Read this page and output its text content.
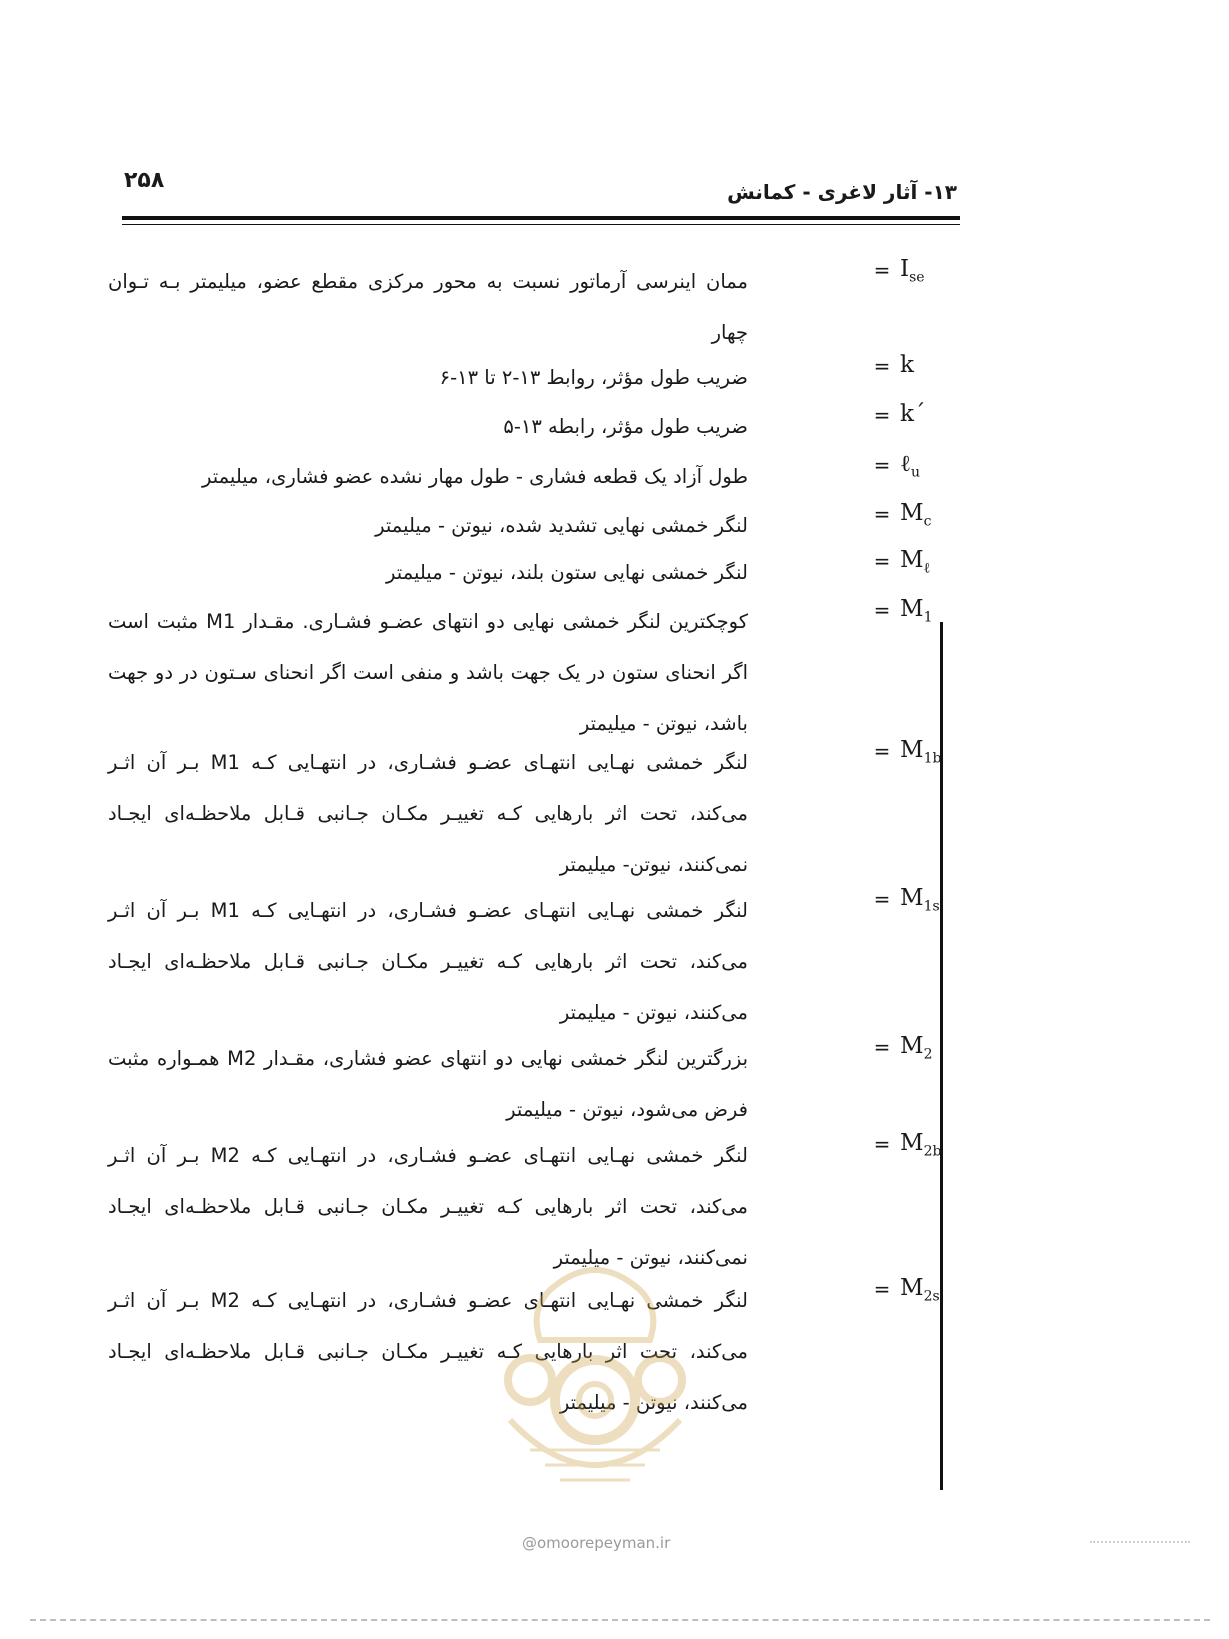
۲۵۸	۱۳- آثار لاغری - کمانش
$I_{se}$
=
ممان اینرسی آرماتور نسبت به محور مرکزی مقطع عضو، میلیمتر بـه تـوان چهار
k
=
ضریب طول مؤثر، روابط ۱۳-۲ تا ۱۳-۶
k´
=
ضریب طول مؤثر، رابطه ۱۳-۵
ℓ$_u$
=
طول آزاد یک قطعه فشاری - طول مهار نشده عضو فشاری، میلیمتر
$M_c$
=
لنگر خمشی نهایی تشدید شده، نیوتن - میلیمتر
$M_\ell$
=
لنگر خمشی نهایی ستون بلند، نیوتن - میلیمتر
$M_1$
=
کوچکترین لنگر خمشی نهایی دو انتهای عضـو فشـاری. مقـدار M1 مثبت است اگر انحنای ستون در یک جهت باشد و منفی است اگر انحنای سـتون در دو جهت باشد، نیوتن - میلیمتر
$M_{1b}$
=
لنگر خمشی نهـایی انتهـای عضـو فشـاری، در انتهـایی کـه M1 بـر آن اثـر می‌کند، تحت اثر بارهایی کـه تغییـر مکـان جـانبی قـابل ملاحظـه‌ای ایجـاد نمی‌کنند، نیوتن- میلیمتر
$M_{1s}$
=
لنگر خمشی نهـایی انتهـای عضـو فشـاری، در انتهـایی کـه M1 بـر آن اثـر می‌کند، تحت اثر بارهایی کـه تغییـر مکـان جـانبی قـابل ملاحظـه‌ای ایجـاد می‌کنند، نیوتن - میلیمتر
$M_2$
=
بزرگترین لنگر خمشی نهایی دو انتهای عضو فشاری، مقـدار M2 همـواره مثبت فرض می‌شود، نیوتن - میلیمتر
$M_{2b}$
=
لنگر خمشی نهـایی انتهـای عضـو فشـاری، در انتهـایی کـه M2 بـر آن اثـر می‌کند، تحت اثر بارهایی کـه تغییـر مکـان جـانبی قـابل ملاحظـه‌ای ایجـاد نمی‌کنند، نیوتن - میلیمتر
$M_{2s}$
=
لنگر خمشی نهـایی انتهـای عضـو فشـاری، در انتهـایی کـه M2 بـر آن اثـر می‌کند، تحت اثر بارهایی کـه تغییـر مکـان جـانبی قـابل ملاحظـه‌ای ایجـاد می‌کنند، نیوتن - میلیمتر
@omoorepeyman.ir
